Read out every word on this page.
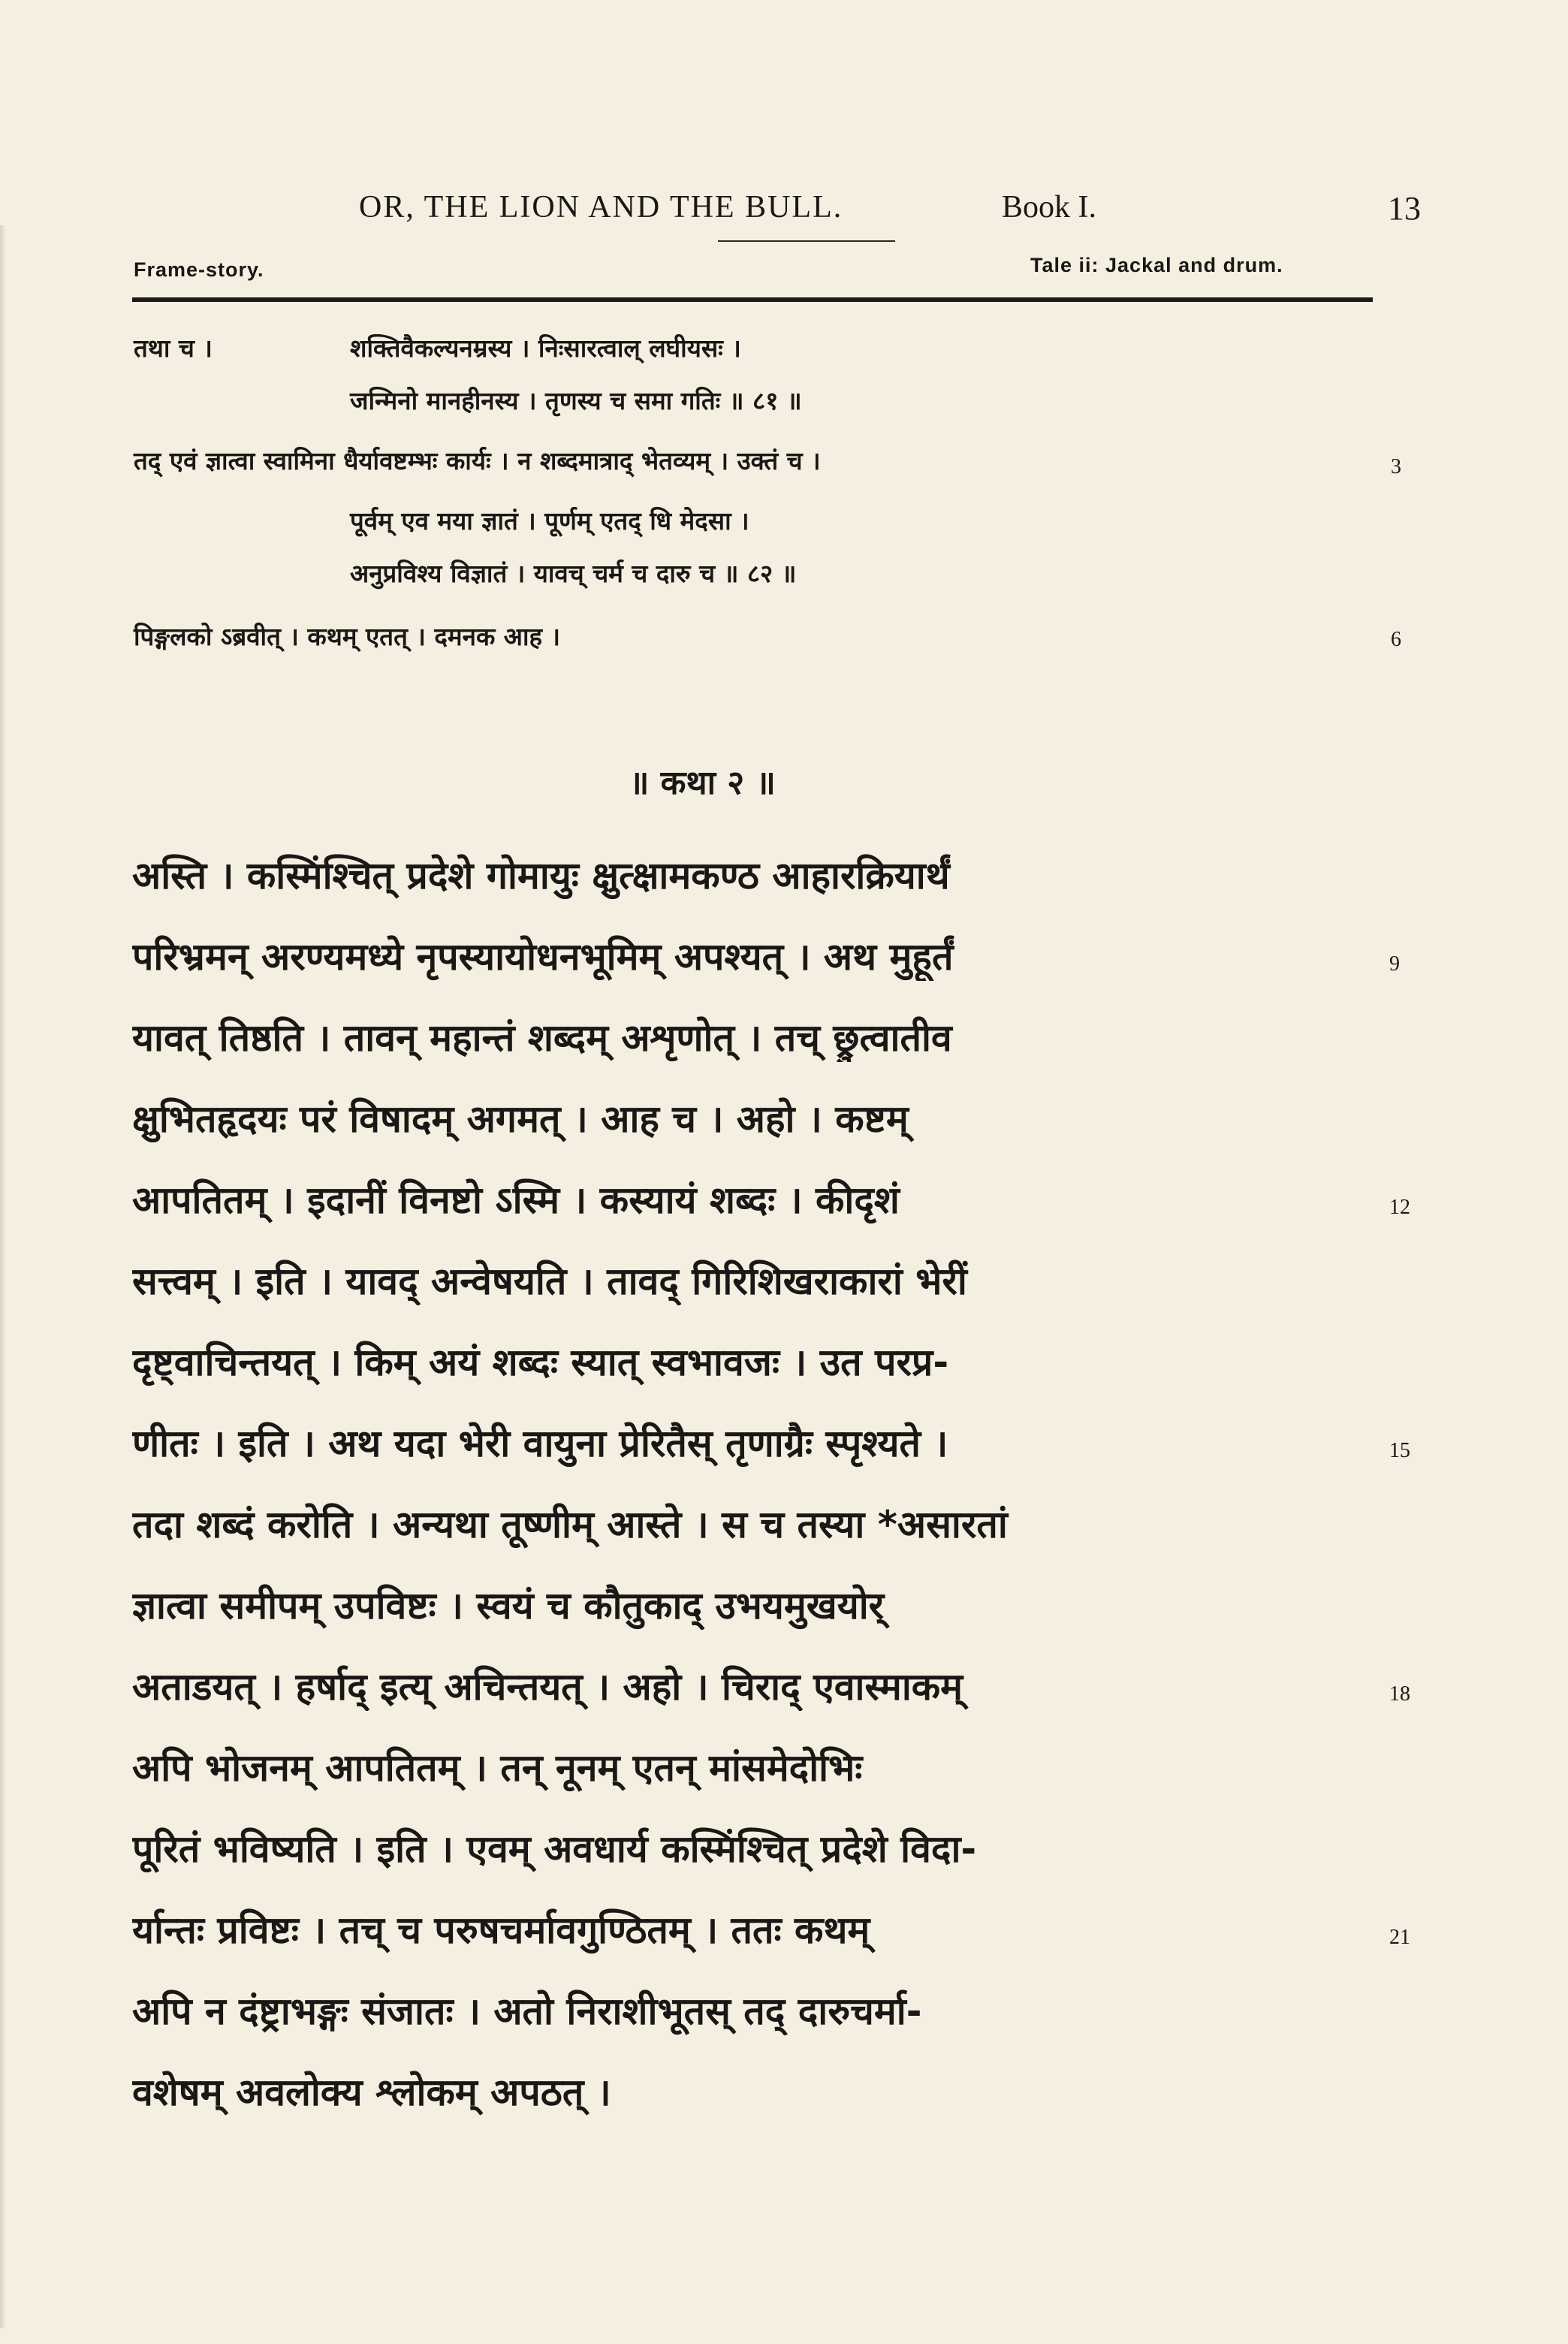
OR, THE LION AND THE BULL.	Book I.	13
Frame-story.	Tale ii: Jackal and drum.
तथा च ।	शक्तिवैकल्यनम्रस्य । निःसारत्वाल् लघीयसः ।
जन्मिनो मानहीनस्य । तृणस्य च समा गतिः ॥ ८१ ॥
तद् एवं ज्ञात्वा स्वामिना धैर्यावष्टम्भः कार्यः । न शब्दमात्राद् भेतव्यम् । उक्तं च ।	3
पूर्वम् एव मया ज्ञातं । पूर्णम् एतद् धि मेदसा ।
अनुप्रविश्य विज्ञातं । यावच् चर्म च दारु च ॥ ८२ ॥
पिङ्गलको ऽब्रवीत् । कथम् एतत् । दमनक आह ।	6
॥ कथा २ ॥
अस्ति । कस्मिंश्चित् प्रदेशे गोमायुः क्षुत्क्षामकण्ठ आहारक्रियार्थं
परिभ्रमन् अरण्यमध्ये नृपस्यायोधनभूमिम् अपश्यत् । अथ मुहूर्तं
यावत् तिष्ठति । तावन् महान्तं शब्दम् अशृणोत् । तच् छ्रुत्वातीव
क्षुभितहृदयः परं विषादम् अगमत् । आह च । अहो । कष्टम्
आपतितम् । इदानीं विनष्टो ऽस्मि । कस्यायं शब्दः । कीदृशं
सत्त्वम् । इति । यावद् अन्वेषयति । तावद् गिरिशिखराकारां भेरीं
दृष्ट्वाचिन्तयत् । किम् अयं शब्दः स्यात् स्वभावजः । उत परप्र-
णीतः । इति । अथ यदा भेरी वायुना प्रेरितैस् तृणाग्रैः स्पृश्यते ।
तदा शब्दं करोति । अन्यथा तूष्णीम् आस्ते । स च तस्या *असारतां
ज्ञात्वा समीपम् उपविष्टः । स्वयं च कौतुकाद् उभयमुखयोर्
अताडयत् । हर्षाद् इत्य् अचिन्तयत् । अहो । चिराद् एवास्माकम्
अपि भोजनम् आपतितम् । तन् नूनम् एतन् मांसमेदोभिः
पूरितं भविष्यति । इति । एवम् अवधार्य कस्मिंश्चित् प्रदेशे विदा-
र्यान्तः प्रविष्टः । तच् च परुषचर्मावगुण्ठितम् । ततः कथम्
अपि न दंष्ट्राभङ्गः संजातः । अतो निराशीभूतस् तद् दारुचर्मा-
वशेषम् अवलोक्य श्लोकम् अपठत् ।
9
12
15
18
21
